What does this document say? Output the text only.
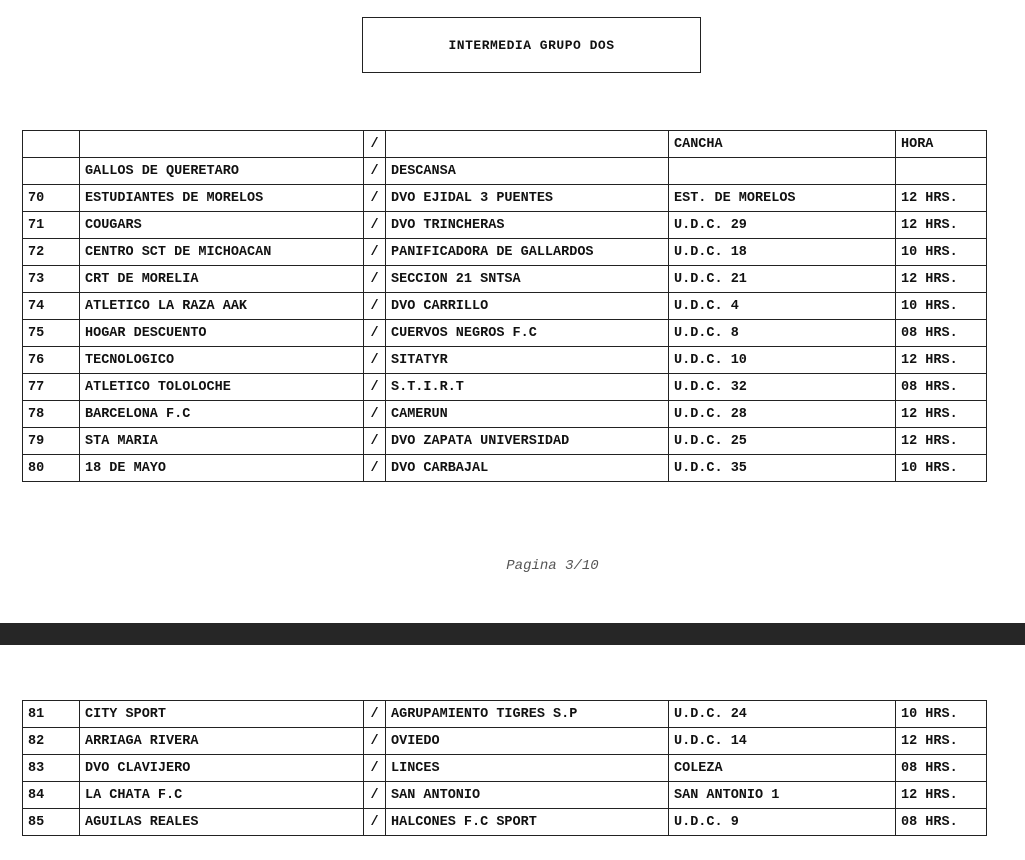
INTERMEDIA GRUPO DOS
		/		CANCHA	HORA
	GALLOS DE QUERETARO	/	DESCANSA		
70	ESTUDIANTES DE MORELOS	/	DVO EJIDAL 3 PUENTES	EST. DE MORELOS	12 HRS.
71	COUGARS	/	DVO TRINCHERAS	U.D.C. 29	12 HRS.
72	CENTRO SCT DE MICHOACAN	/	PANIFICADORA DE GALLARDOS	U.D.C. 18	10 HRS.
73	CRT DE MORELIA	/	SECCION 21 SNTSA	U.D.C. 21	12 HRS.
74	ATLETICO LA RAZA AAK	/	DVO CARRILLO	U.D.C. 4	10 HRS.
75	HOGAR DESCUENTO	/	CUERVOS NEGROS F.C	U.D.C. 8	08 HRS.
76	TECNOLOGICO	/	SITATYR	U.D.C. 10	12 HRS.
77	ATLETICO TOLOLOCHE	/	S.T.I.R.T	U.D.C. 32	08 HRS.
78	BARCELONA F.C	/	CAMERUN	U.D.C. 28	12 HRS.
79	STA MARIA	/	DVO ZAPATA UNIVERSIDAD	U.D.C. 25	12 HRS.
80	18 DE MAYO	/	DVO CARBAJAL	U.D.C. 35	10 HRS.
Pagina 3/10
81	CITY SPORT	/	AGRUPAMIENTO TIGRES S.P	U.D.C. 24	10 HRS.
82	ARRIAGA RIVERA	/	OVIEDO	U.D.C. 14	12 HRS.
83	DVO CLAVIJERO	/	LINCES	COLEZA	08 HRS.
84	LA CHATA F.C	/	SAN ANTONIO	SAN ANTONIO 1	12 HRS.
85	AGUILAS REALES	/	HALCONES F.C SPORT	U.D.C. 9	08 HRS.
